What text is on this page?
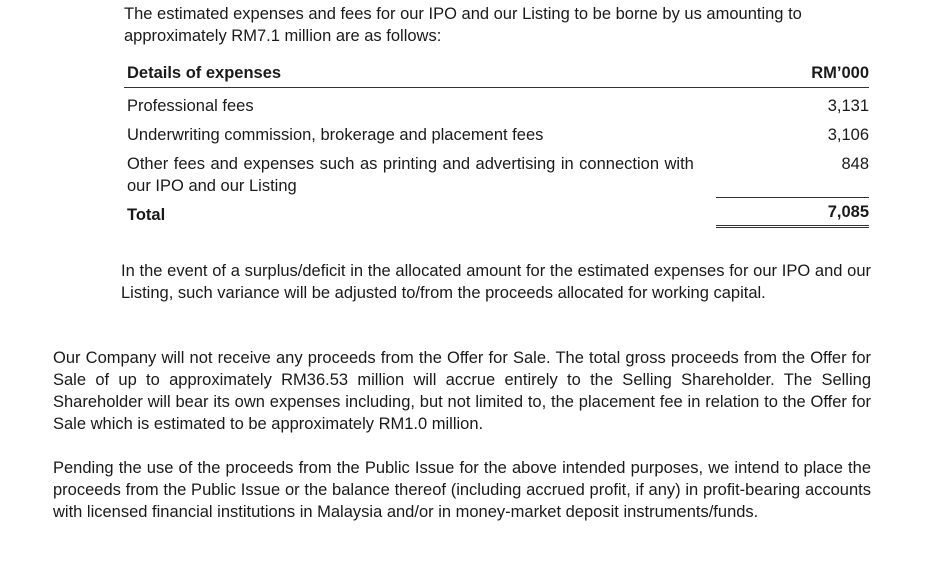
The estimated expenses and fees for our IPO and our Listing to be borne by us amounting to approximately RM7.1 million are as follows:

Details of expenses		RM’000
Professional fees		3,131
Underwriting commission, brokerage and placement fees		3,106
Other fees and expenses such as printing and advertising in connection with our IPO and our Listing		848
Total		7,085

In the event of a surplus/deficit in the allocated amount for the estimated expenses for our IPO and our Listing, such variance will be adjusted to/from the proceeds allocated for working capital.

Our Company will not receive any proceeds from the Offer for Sale. The total gross proceeds from the Offer for Sale of up to approximately RM36.53 million will accrue entirely to the Selling Shareholder. The Selling Shareholder will bear its own expenses including, but not limited to, the placement fee in relation to the Offer for Sale which is estimated to be approximately RM1.0 million.

Pending the use of the proceeds from the Public Issue for the above intended purposes, we intend to place the proceeds from the Public Issue or the balance thereof (including accrued profit, if any) in profit-bearing accounts with licensed financial institutions in Malaysia and/or in money-market deposit instruments/funds.
